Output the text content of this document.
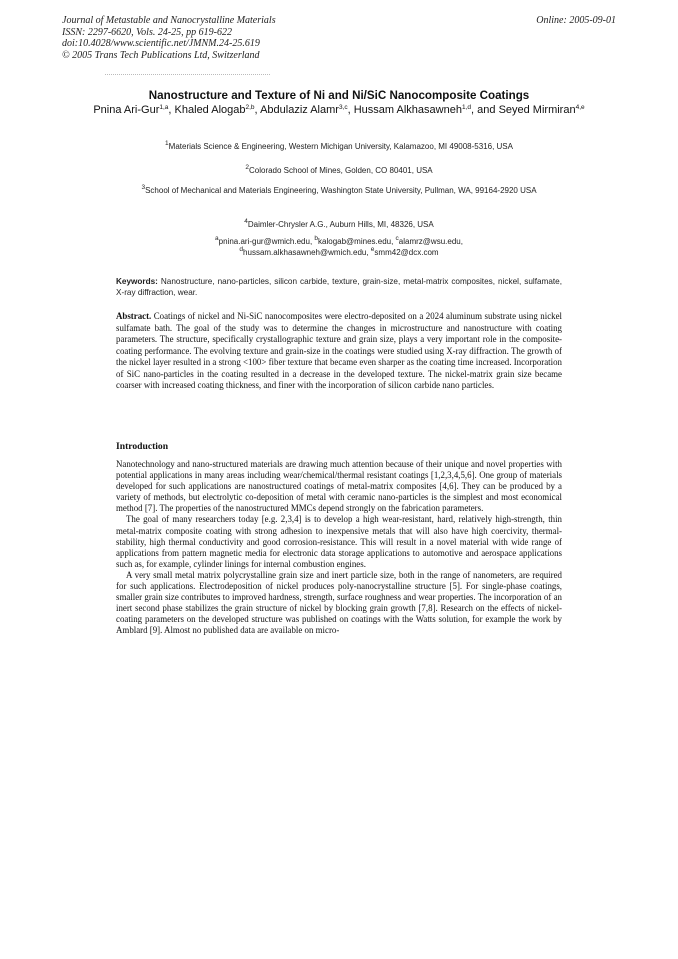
Journal of Metastable and Nanocrystalline Materials	Online: 2005-09-01
ISSN: 2297-6620, Vols. 24-25, pp 619-622
doi:10.4028/www.scientific.net/JMNM.24-25.619
© 2005 Trans Tech Publications Ltd, Switzerland
Nanostructure and Texture of Ni and Ni/SiC Nanocomposite Coatings
Pnina Ari-Gur$^{1,a}$, Khaled Alogab$^{2,b}$, Abdulaziz Alamr$^{3,c}$, Hussam Alkhasawneh$^{1,d}$, and Seyed Mirmiran$^{4,e}$
$^1$Materials Science & Engineering, Western Michigan University, Kalamazoo, MI 49008-5316, USA
$^2$Colorado School of Mines, Golden, CO 80401, USA
$^3$School of Mechanical and Materials Engineering, Washington State University, Pullman, WA, 99164-2920 USA
$^4$Daimler-Chrysler A.G., Auburn Hills, MI, 48326, USA
$^a$pnina.ari-gur@wmich.edu, $^b$kalogab@mines.edu, $^c$alamrz@wsu.edu,
$^d$hussam.alkhasawneh@wmich.edu, $^e$smm42@dcx.com
Keywords: Nanostructure, nano-particles, silicon carbide, texture, grain-size, metal-matrix composites, nickel, sulfamate, X-ray diffraction, wear.
Abstract. Coatings of nickel and Ni-SiC nanocomposites were electro-deposited on a 2024 aluminum substrate using nickel sulfamate bath. The goal of the study was to determine the changes in microstructure and nanostructure with coating parameters. The structure, specifically crystallographic texture and grain size, plays a very important role in the composite-coating performance. The evolving texture and grain-size in the coatings were studied using X-ray diffraction. The growth of the nickel layer resulted in a strong <100> fiber texture that became even sharper as the coating time increased. Incorporation of SiC nano-particles in the coating resulted in a decrease in the developed texture. The nickel-matrix grain size became coarser with increased coating thickness, and finer with the incorporation of silicon carbide nano particles.
Introduction

Nanotechnology and nano-structured materials are drawing much attention because of their unique and novel properties with potential applications in many areas including wear/chemical/thermal resistant coatings [1,2,3,4,5,6]. One group of materials developed for such applications are nanostructured coatings of metal-matrix composites [4,6]. They can be produced by a variety of methods, but electrolytic co-deposition of metal with ceramic nano-particles is the simplest and most economical method [7]. The properties of the nanostructured MMCs depend strongly on the fabrication parameters.

The goal of many researchers today [e.g. 2,3,4] is to develop a high wear-resistant, hard, relatively high-strength, thin metal-matrix composite coating with strong adhesion to inexpensive metals that will also have high coercivity, thermal-stability, high thermal conductivity and good corrosion-resistance. This will result in a novel material with wide range of applications from pattern magnetic media for electronic data storage applications to automotive and aerospace applications such as, for example, cylinder linings for internal combustion engines.

A very small metal matrix polycrystalline grain size and inert particle size, both in the range of nanometers, are required for such applications. Electrodeposition of nickel produces poly-nanocrystalline structure [5]. For single-phase coatings, smaller grain size contributes to improved hardness, strength, surface roughness and wear properties. The incorporation of an inert second phase stabilizes the grain structure of nickel by blocking grain growth [7,8]. Research on the effects of nickel-coating parameters on the developed structure was published on coatings with the Watts solution, for example the work by Amblard [9]. Almost no published data are available on micro-
